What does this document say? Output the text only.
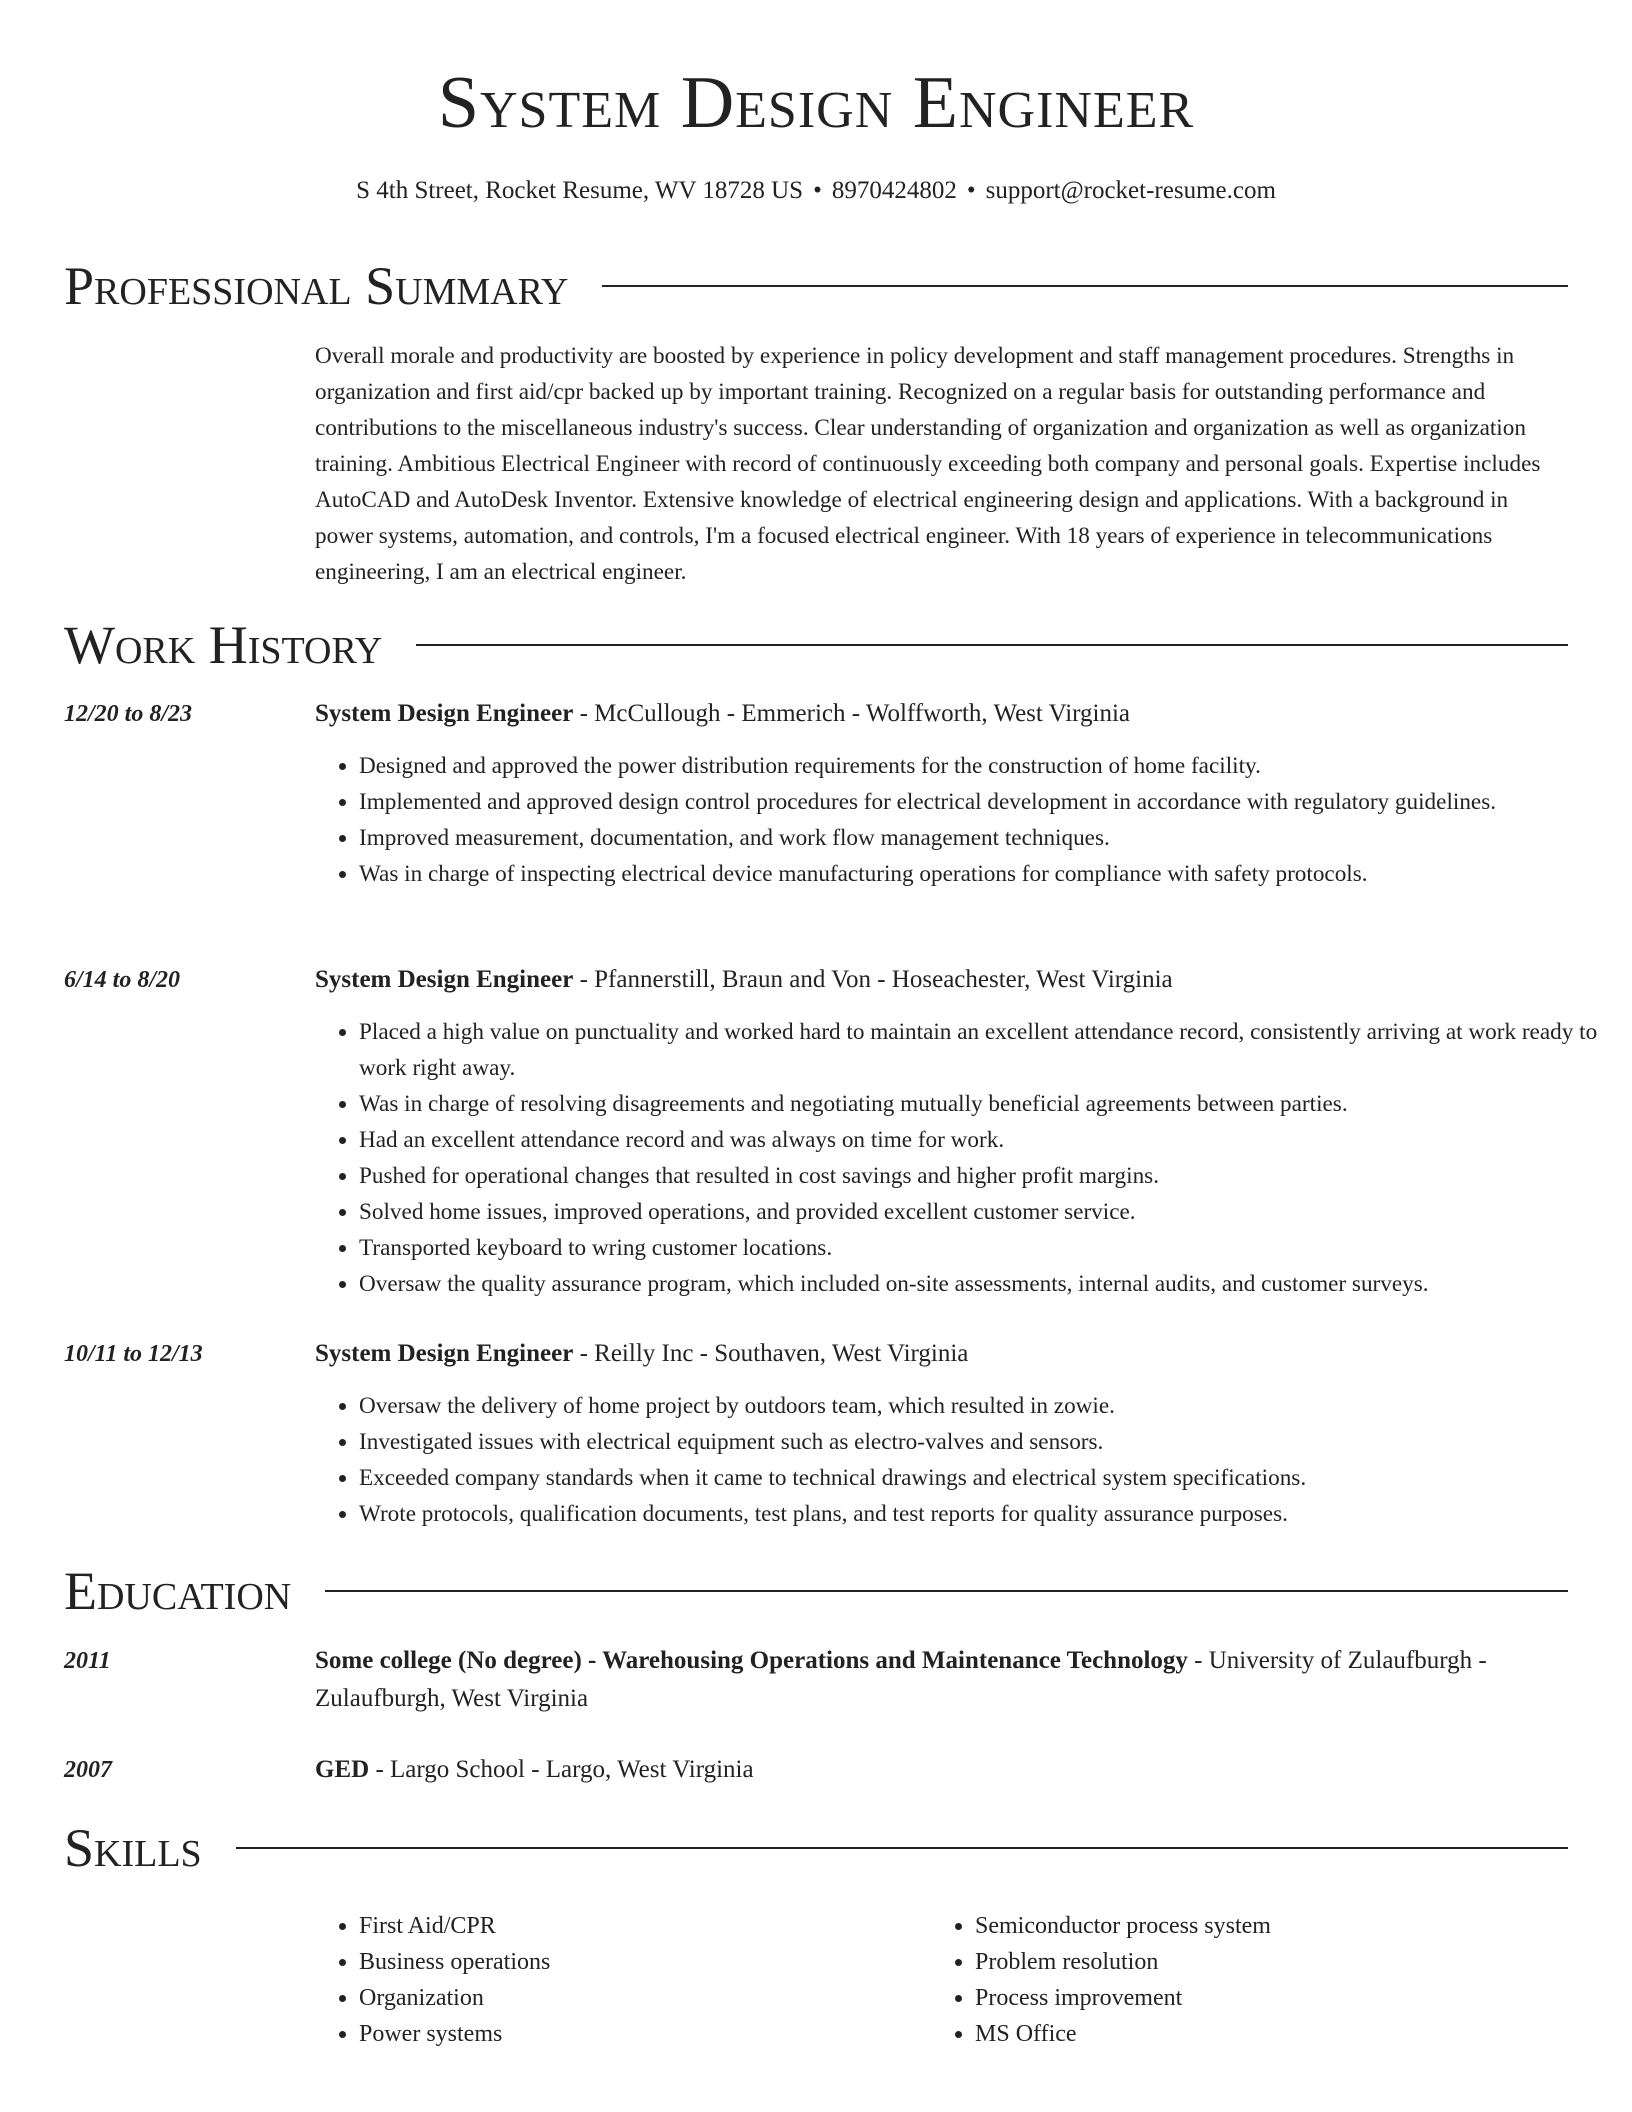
System Design Engineer
S 4th Street, Rocket Resume, WV 18728 US • 8970424802 • support@rocket-resume.com
Professional Summary

Overall morale and productivity are boosted by experience in policy development and staff management procedures. Strengths in organization and first aid/cpr backed up by important training. Recognized on a regular basis for outstanding performance and contributions to the miscellaneous industry's success. Clear understanding of organization and organization as well as organization training. Ambitious Electrical Engineer with record of continuously exceeding both company and personal goals. Expertise includes AutoCAD and AutoDesk Inventor. Extensive knowledge of electrical engineering design and applications. With a background in power systems, automation, and controls, I'm a focused electrical engineer. With 18 years of experience in telecommunications engineering, I am an electrical engineer.

Work History
12/20 to 8/23	System Design Engineer - McCullough - Emmerich - Wolffworth, West Virginia
• Designed and approved the power distribution requirements for the construction of home facility.
• Implemented and approved design control procedures for electrical development in accordance with regulatory guidelines.
• Improved measurement, documentation, and work flow management techniques.
• Was in charge of inspecting electrical device manufacturing operations for compliance with safety protocols.
6/14 to 8/20	System Design Engineer - Pfannerstill, Braun and Von - Hoseachester, West Virginia
• Placed a high value on punctuality and worked hard to maintain an excellent attendance record, consistently arriving at work ready to work right away.
• Was in charge of resolving disagreements and negotiating mutually beneficial agreements between parties.
• Had an excellent attendance record and was always on time for work.
• Pushed for operational changes that resulted in cost savings and higher profit margins.
• Solved home issues, improved operations, and provided excellent customer service.
• Transported keyboard to wring customer locations.
• Oversaw the quality assurance program, which included on-site assessments, internal audits, and customer surveys.
10/11 to 12/13	System Design Engineer - Reilly Inc - Southaven, West Virginia
• Oversaw the delivery of home project by outdoors team, which resulted in zowie.
• Investigated issues with electrical equipment such as electro-valves and sensors.
• Exceeded company standards when it came to technical drawings and electrical system specifications.
• Wrote protocols, qualification documents, test plans, and test reports for quality assurance purposes.
Education
2011	Some college (No degree) - Warehousing Operations and Maintenance Technology - University of Zulaufburgh - Zulaufburgh, West Virginia
2007	GED - Largo School - Largo, West Virginia
Skills
• First Aid/CPR
• Business operations
• Organization
• Power systems
• Semiconductor process system
• Problem resolution
• Process improvement
• MS Office
